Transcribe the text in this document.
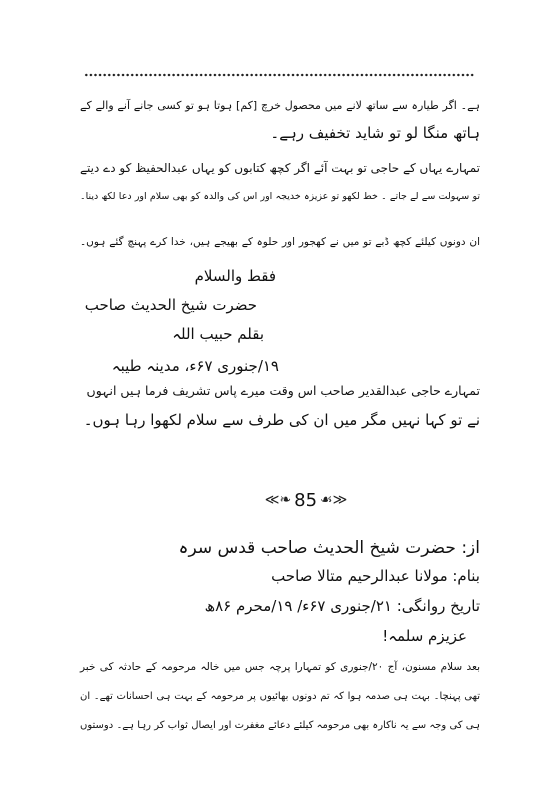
ہے۔ اگر طیارہ سے ساتھ لانے میں محصول خرچ [کم] ہوتا ہو تو کسی جانے آنے والے کے
ہاتھ منگا لو تو شاید تخفیف رہے۔
تمہارے یہاں کے حاجی تو بہت آئے اگر کچھ کتابوں کو یہاں عبدالحفیظ کو دے دیتے
تو سہولت سے لے جاتے ۔ خط لکھو تو عزیزہ خدیجہ اور اس کی والدہ کو بھی سلام اور دعا لکھ دینا۔
ان دونوں کیلئے کچھ ڈبے تو میں نے کھجور اور حلوہ کے بھیجے ہیں، خدا کرے پہنچ گئے ہوں۔
فقط والسلام
حضرت شیخ الحدیث صاحب
بقلم حبیب اللہ
۱۹/جنوری ۶۷ء، مدینہ طیبہ
تمہارے حاجی عبدالقدیر صاحب اس وقت میرے پاس تشریف فرما ہیں انہوں
نے تو کہا نہیں مگر میں ان کی طرف سے سلام لکھوا رہا ہوں۔
≪❧ 85 ☙≫
از: حضرت شیخ الحدیث صاحب قدس سرہ
بنام: مولانا عبدالرحیم متالا صاحب
تاریخ روانگی: ۲۱/جنوری ۶۷ء/ ۱۹/محرم ۸۶ھ
عزیزم سلمہ!
بعد سلام مسنون، آج ۲۰/جنوری کو تمہارا پرچہ جس میں خالہ مرحومہ کے حادثہ کی خبر
تھی پہنچا۔ بہت ہی صدمہ ہوا کہ تم دونوں بھائیوں پر مرحومہ کے بہت ہی احسانات تھے۔ ان
ہی کی وجہ سے یہ ناکارہ بھی مرحومہ کیلئے دعائے مغفرت اور ایصال ثواب کر رہا ہے۔ دوستوں
